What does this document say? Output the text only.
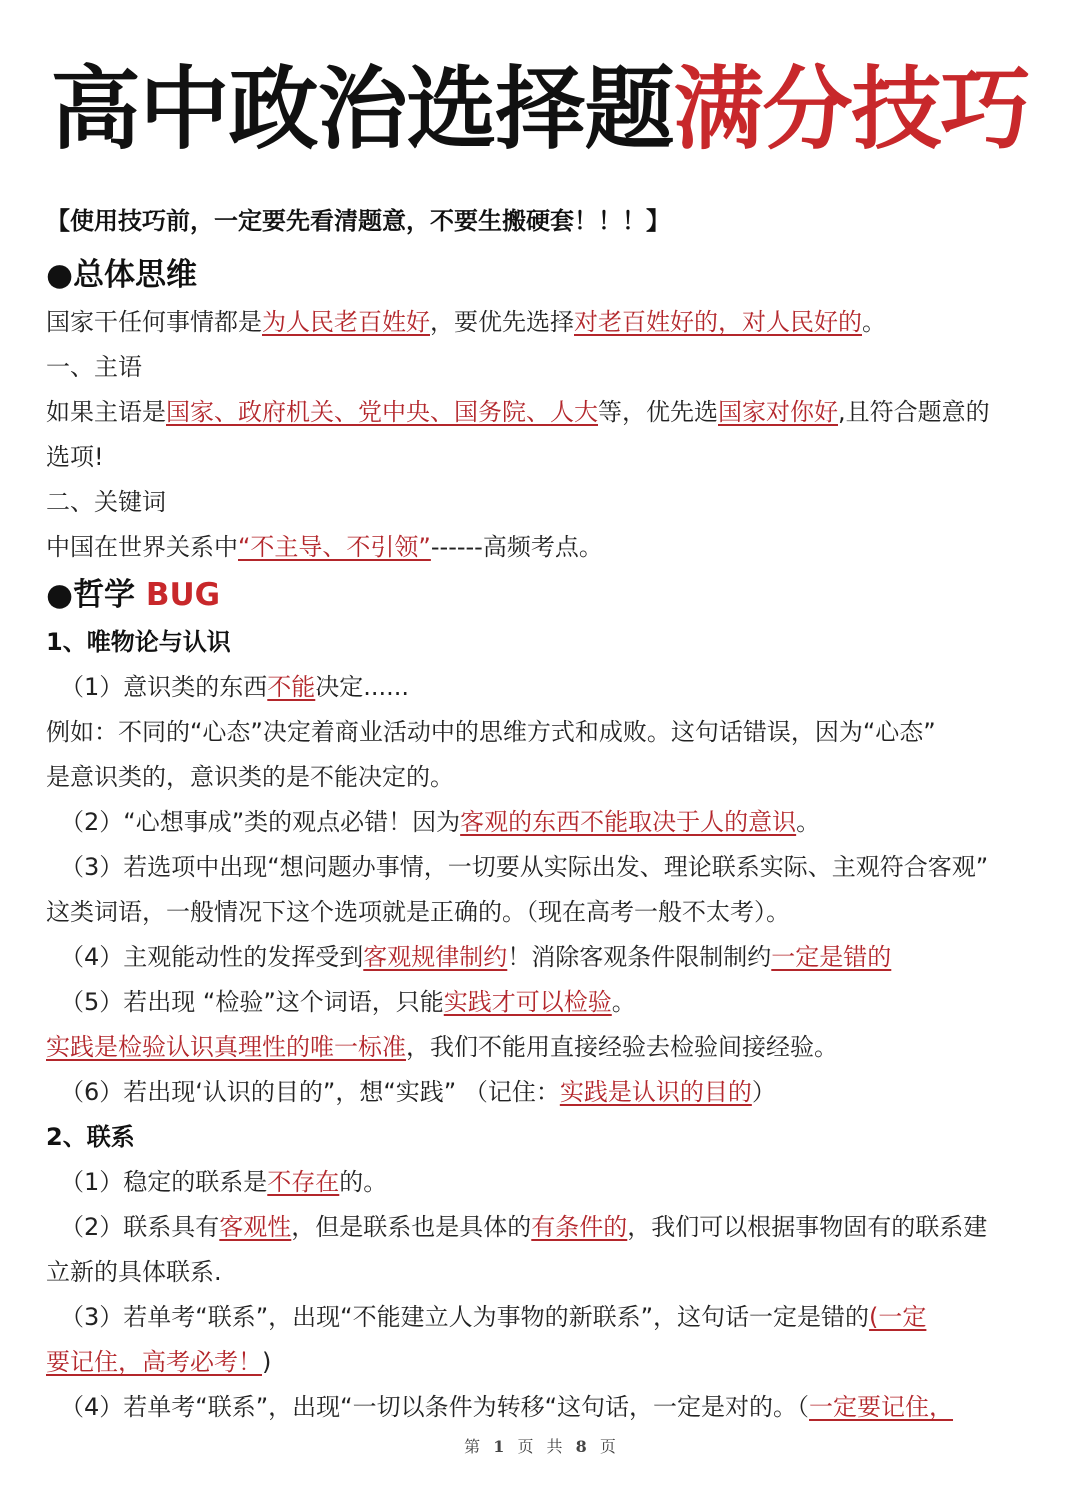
高中政治选择题满分技巧
【使用技巧前，一定要先看清题意，不要生搬硬套！！！】
●总体思维
国家干任何事情都是为人民老百姓好，要优先选择对老百姓好的，对人民好的。
一、主语
如果主语是国家、政府机关、党中央、国务院、人大等，优先选国家对你好,且符合题意的
选项!
二、关键词
中国在世界关系中“不主导、不引领”------高频考点。
●哲学 BUG
1、唯物论与认识
（1）意识类的东西不能决定......
例如：不同的“心态”决定着商业活动中的思维方式和成败。这句话错误，因为“心态”
是意识类的，意识类的是不能决定的。
（2）“心想事成”类的观点必错！因为客观的东西不能取决于人的意识。
（3）若选项中出现“想问题办事情，一切要从实际出发、理论联系实际、主观符合客观”
这类词语，一般情况下这个选项就是正确的。（现在高考一般不太考）。
（4）主观能动性的发挥受到客观规律制约！消除客观条件限制制约一定是错的
（5）若出现 “检验”这个词语，只能实践才可以检验。
实践是检验认识真理性的唯一标准，我们不能用直接经验去检验间接经验。
（6）若出现‘认识的目的”，想“实践” （记住：实践是认识的目的）
2、联系
（1）稳定的联系是不存在的。
（2）联系具有客观性，但是联系也是具体的有条件的，我们可以根据事物固有的联系建
立新的具体联系.
（3）若单考“联系”，出现“不能建立人为事物的新联系”，这句话一定是错的(一定
要记住，高考必考！)
（4）若单考“联系”，出现“一切以条件为转移“这句话，一定是对的。（一定要记住，
第 1 页 共 8 页
